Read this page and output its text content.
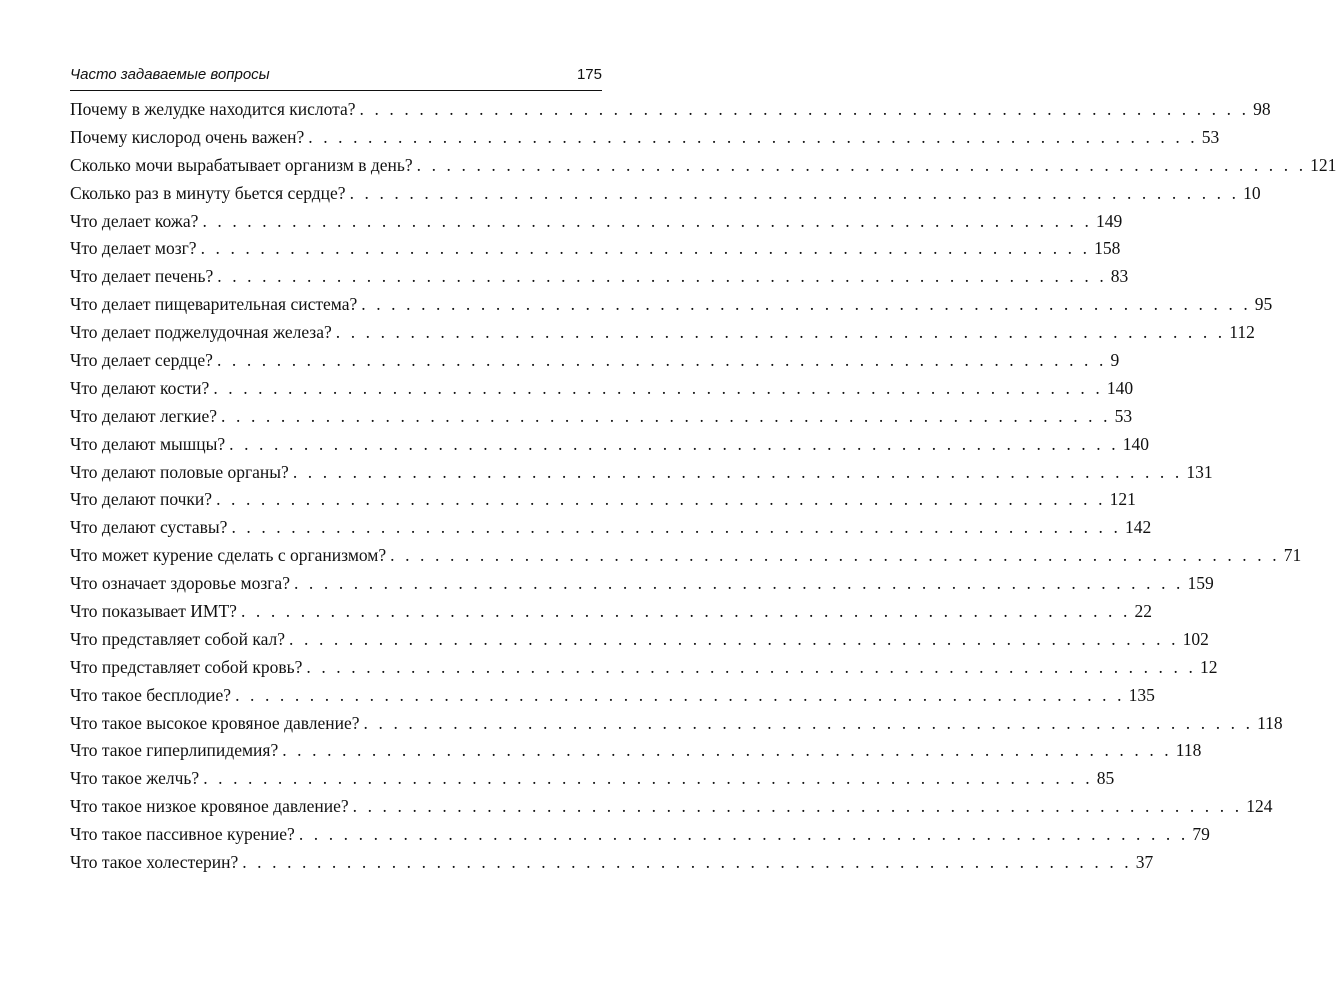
Часто задаваемые вопросы	175
Почему в желудке находится кислота? . . . . . . . . . . . . . . . . . . . . . . . . . . . . . . . . . . . . . . . . . . . . . . . . . . . . . . . . . . . . 98
Почему кислород очень важен? . . . . . . . . . . . . . . . . . . . . . . . . . . . . . . . . . . . . . . . . . . . . . . . . . . . . . . . . . . . . 53
Сколько мочи вырабатывает организм в день? . . . . . . . . . . . . . . . . . . . . . . . . . . . . . . . . . . . . . . . . . . . . . . . . . . . . . . . . . . . . 121
Сколько раз в минуту бьется сердце? . . . . . . . . . . . . . . . . . . . . . . . . . . . . . . . . . . . . . . . . . . . . . . . . . . . . . . . . . . . . 10
Что делает кожа? . . . . . . . . . . . . . . . . . . . . . . . . . . . . . . . . . . . . . . . . . . . . . . . . . . . . . . . . . . . . 149
Что делает мозг? . . . . . . . . . . . . . . . . . . . . . . . . . . . . . . . . . . . . . . . . . . . . . . . . . . . . . . . . . . . . 158
Что делает печень? . . . . . . . . . . . . . . . . . . . . . . . . . . . . . . . . . . . . . . . . . . . . . . . . . . . . . . . . . . . . 83
Что делает пищеварительная система? . . . . . . . . . . . . . . . . . . . . . . . . . . . . . . . . . . . . . . . . . . . . . . . . . . . . . . . . . . . . 95
Что делает поджелудочная железа? . . . . . . . . . . . . . . . . . . . . . . . . . . . . . . . . . . . . . . . . . . . . . . . . . . . . . . . . . . . . 112
Что делает сердце? . . . . . . . . . . . . . . . . . . . . . . . . . . . . . . . . . . . . . . . . . . . . . . . . . . . . . . . . . . . . 9
Что делают кости? . . . . . . . . . . . . . . . . . . . . . . . . . . . . . . . . . . . . . . . . . . . . . . . . . . . . . . . . . . . . 140
Что делают легкие? . . . . . . . . . . . . . . . . . . . . . . . . . . . . . . . . . . . . . . . . . . . . . . . . . . . . . . . . . . . . 53
Что делают мышцы? . . . . . . . . . . . . . . . . . . . . . . . . . . . . . . . . . . . . . . . . . . . . . . . . . . . . . . . . . . . . 140
Что делают половые органы? . . . . . . . . . . . . . . . . . . . . . . . . . . . . . . . . . . . . . . . . . . . . . . . . . . . . . . . . . . . . 131
Что делают почки? . . . . . . . . . . . . . . . . . . . . . . . . . . . . . . . . . . . . . . . . . . . . . . . . . . . . . . . . . . . . 121
Что делают суставы? . . . . . . . . . . . . . . . . . . . . . . . . . . . . . . . . . . . . . . . . . . . . . . . . . . . . . . . . . . . . 142
Что может курение сделать с организмом? . . . . . . . . . . . . . . . . . . . . . . . . . . . . . . . . . . . . . . . . . . . . . . . . . . . . . . . . . . . . 71
Что означает здоровье мозга? . . . . . . . . . . . . . . . . . . . . . . . . . . . . . . . . . . . . . . . . . . . . . . . . . . . . . . . . . . . . 159
Что показывает ИМТ? . . . . . . . . . . . . . . . . . . . . . . . . . . . . . . . . . . . . . . . . . . . . . . . . . . . . . . . . . . . . 22
Что представляет собой кал? . . . . . . . . . . . . . . . . . . . . . . . . . . . . . . . . . . . . . . . . . . . . . . . . . . . . . . . . . . . . 102
Что представляет собой кровь? . . . . . . . . . . . . . . . . . . . . . . . . . . . . . . . . . . . . . . . . . . . . . . . . . . . . . . . . . . . . 12
Что такое бесплодие? . . . . . . . . . . . . . . . . . . . . . . . . . . . . . . . . . . . . . . . . . . . . . . . . . . . . . . . . . . . . 135
Что такое высокое кровяное давление? . . . . . . . . . . . . . . . . . . . . . . . . . . . . . . . . . . . . . . . . . . . . . . . . . . . . . . . . . . . . 118
Что такое гиперлипидемия? . . . . . . . . . . . . . . . . . . . . . . . . . . . . . . . . . . . . . . . . . . . . . . . . . . . . . . . . . . . . 118
Что такое желчь? . . . . . . . . . . . . . . . . . . . . . . . . . . . . . . . . . . . . . . . . . . . . . . . . . . . . . . . . . . . . 85
Что такое низкое кровяное давление? . . . . . . . . . . . . . . . . . . . . . . . . . . . . . . . . . . . . . . . . . . . . . . . . . . . . . . . . . . . . 124
Что такое пассивное курение? . . . . . . . . . . . . . . . . . . . . . . . . . . . . . . . . . . . . . . . . . . . . . . . . . . . . . . . . . . . . 79
Что такое холестерин? . . . . . . . . . . . . . . . . . . . . . . . . . . . . . . . . . . . . . . . . . . . . . . . . . . . . . . . . . . . . 37
